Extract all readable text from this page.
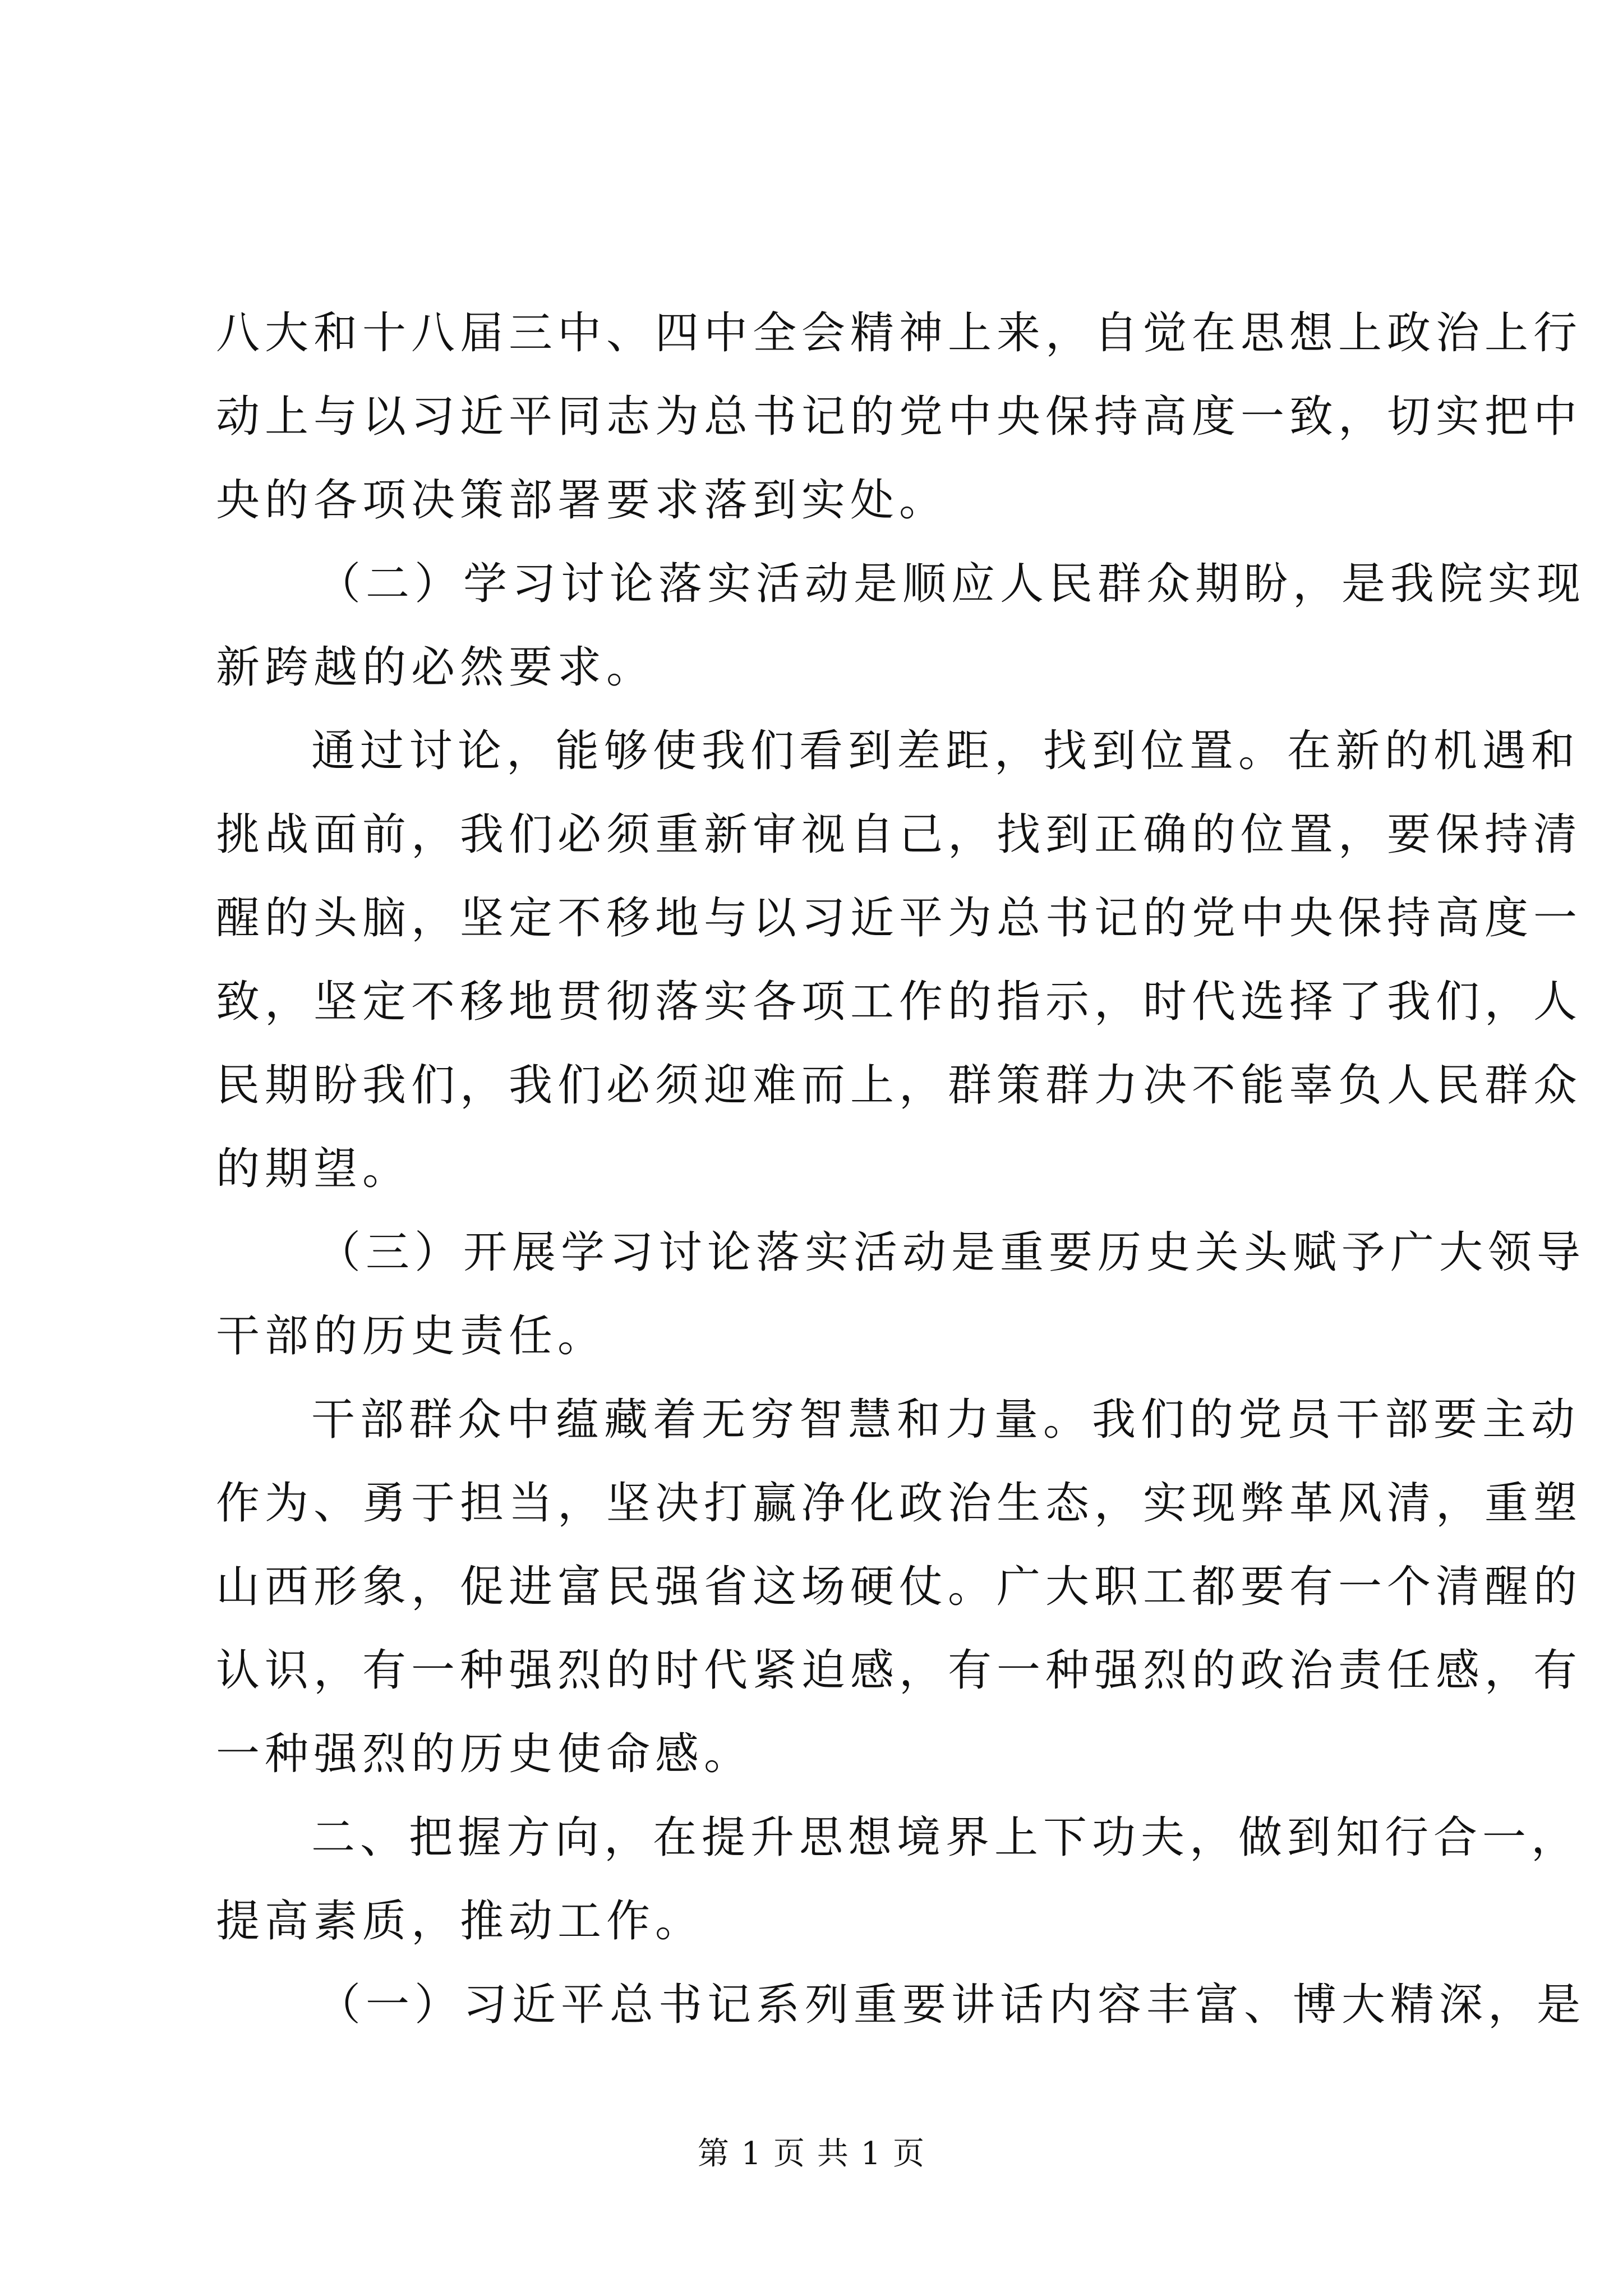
八大和十八届三中、四中全会精神上来，自觉在思想上政治上行
动上与以习近平同志为总书记的党中央保持高度一致，切实把中
央的各项决策部署要求落到实处。
（二）学习讨论落实活动是顺应人民群众期盼，是我院实现
新跨越的必然要求。
通过讨论，能够使我们看到差距，找到位置。在新的机遇和
挑战面前，我们必须重新审视自己，找到正确的位置，要保持清
醒的头脑，坚定不移地与以习近平为总书记的党中央保持高度一
致，坚定不移地贯彻落实各项工作的指示，时代选择了我们，人
民期盼我们，我们必须迎难而上，群策群力决不能辜负人民群众
的期望。
（三）开展学习讨论落实活动是重要历史关头赋予广大领导
干部的历史责任。
干部群众中蕴藏着无穷智慧和力量。我们的党员干部要主动
作为、勇于担当，坚决打赢净化政治生态，实现弊革风清，重塑
山西形象，促进富民强省这场硬仗。广大职工都要有一个清醒的
认识，有一种强烈的时代紧迫感，有一种强烈的政治责任感，有
一种强烈的历史使命感。
二、把握方向，在提升思想境界上下功夫，做到知行合一，
提高素质，推动工作。
（一）习近平总书记系列重要讲话内容丰富、博大精深，是
第 1 页 共 1 页
